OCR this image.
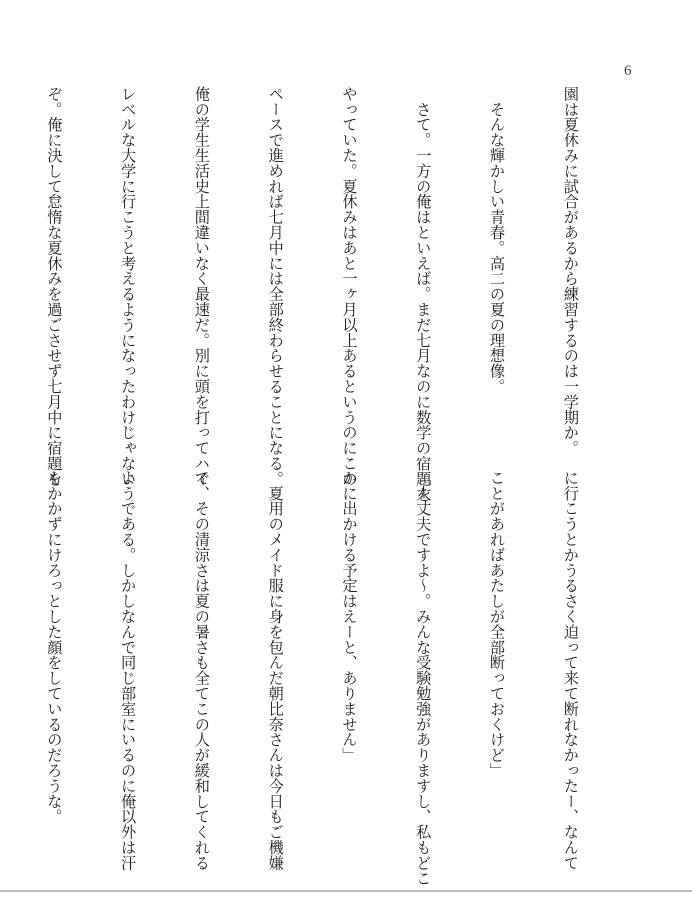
6

園は夏休みに試合があるから練習するのは一学期か。

　そんな輝かしい青春。高二の夏の理想像。

　さて。一方の俺はといえば。まだ七月なのに数学の宿題を

やっていた。夏休みはあと一ヶ月以上あるというのにこの

ペースで進めれば七月中には全部終わらせることになる。

俺の学生生活史上間違いなく最速だ。別に頭を打ってハイ

レベルな大学に行こうと考えるようになったわけじゃない

ぞ。俺に決して怠惰な夏休みを過ごさせず七月中に宿題を

に行こうとかうるさく迫って来て断れなかったー、なんて

ことがあればあたしが全部断っておくけど」

「大丈夫ですよ〜。みんな受験勉強がありますし、私もどこ

かに出かける予定はえーと、ありません」

　夏用のメイド服に身を包んだ朝比奈さんは今日もご機嫌

で、その清涼さは夏の暑さも全てこの人が緩和してくれる

ようである。しかしなんで同じ部室にいるのに俺以外は汗

もかかずにけろっとした顔をしているのだろうな。
